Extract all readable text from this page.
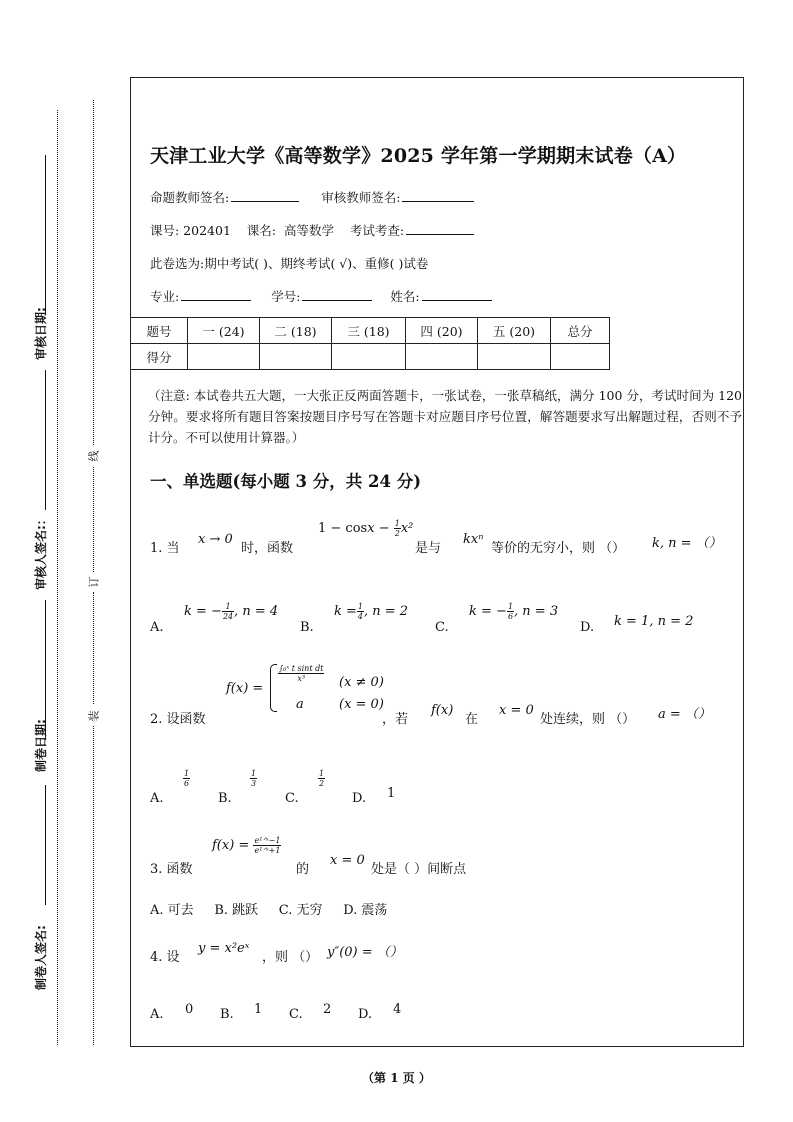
审核日期:
审核人签名:：
制卷日期:
制卷人签名:
线
订
装
天津工业大学《高等数学》2025 学年第一学期期末试卷（A）
命题教师签名:	审核教师签名:
课号: 202401    课名:  高等数学    考试考查:
此卷选为:期中考试( )、期终考试( √)、重修( )试卷
专业:	学号:	姓名:
题号	一 (24)	二 (18)	三 (18)	四 (20)	五 (20)	总分
得分						
（注意: 本试卷共五大题，一大张正反两面答题卡，一张试卷，一张草稿纸，满分 100 分，考试时间为 120 分钟。要求将所有题目答案按题目序号写在答题卡对应题目序号位置，解答题要求写出解题过程，否则不予计分。不可以使用计算器。）
一、单选题(每小题 3 分，共 24 分)
1. 当
x → 0
时，函数
$1 - \cos x - \frac{1}{2} x^2$
是与
kxⁿ
等价的无穷小，则 （） k, n = （）
A.
k = − $\frac{1}{24}$ , n = 4
B.
$k = \frac{1}{4}$ , n = 2
C.
k = − $\frac{1}{6}$ , n = 3
D. k = 1, n = 2
2. 设函数
f(x) =
$\frac{\text{∫₀ˣ t sint dt}}{\text{x³}} (x \ne 0)$
a	(x = 0)
，若
f(x)
在
x = 0
处连续，则 （） a = （）
A.
$\frac{1}{6}$
B.
$\frac{1}{3}$
C.
$\frac{1}{2}$
D. 1
3. 函数
$f(x) = \frac{\text{e¹ᐟˣ−1}}{\text{e¹ᐟˣ+1}}$
的
x = 0
处是（ ）间断点
A. 可去     B. 跳跃     C. 无穷     D. 震荡
4. 设
y = x²eˣ
，则 （） y″(0) = （）
A. 0 B. 1 C. 2 D. 4
（第 1 页 ）
